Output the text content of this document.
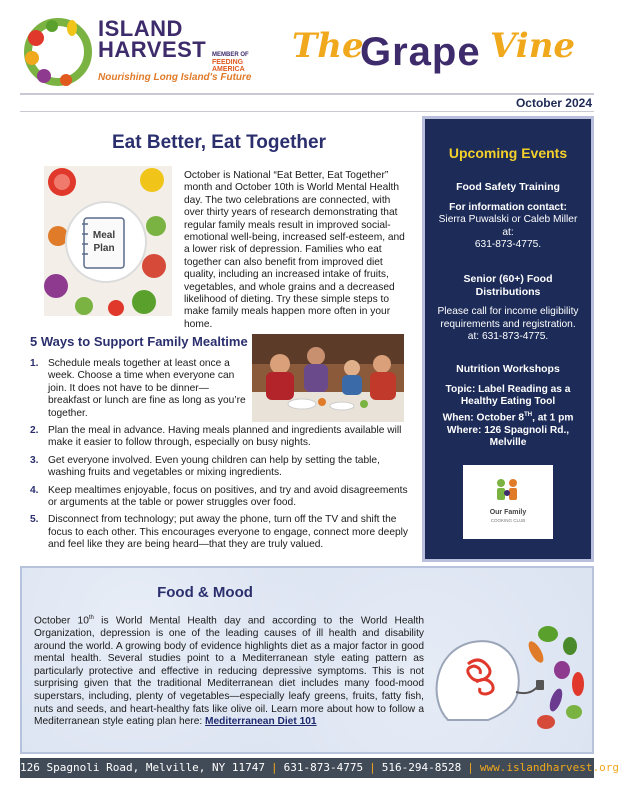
ISLAND
HARVEST MEMBER OF
FEEDING AMERICA
Nourishing Long Island's Future
The
Grape Vine
October 2024
Eat Better, Eat Together
Meal
Plan

October is National “Eat Better, Eat Together” month and October 10th is World Mental Health day. The two celebrations are connected, with over thirty years of research demonstrating that regular family meals result in improved social-emotional well-being, increased self-esteem, and a lower risk of depression. Families who eat together can also benefit from improved diet quality, including an increased intake of fruits, vegetables, and whole grains and a decreased likelihood of dieting. Try these simple steps to make family meals happen more often in your home.

5 Ways to Support Family Mealtime
1. Schedule meals together at least once a week. Choose a time when everyone can join. It does not have to be dinner—breakfast or lunch are fine as long as you’re together.
2. Plan the meal in advance. Having meals planned and ingredients available will make it easier to follow through, especially on busy nights.
3. Get everyone involved. Even young children can help by setting the table, washing fruits and vegetables or mixing ingredients.
4. Keep mealtimes enjoyable, focus on positives, and try and avoid disagreements or arguments at the table or power struggles over food.
5. Disconnect from technology; put away the phone, turn off the TV and shift the focus to each other. This encourages everyone to engage, connect more deeply and feel like they are being heard—that they are truly valued.
Upcoming Events
Food Safety Training
For information contact:
Sierra Puwalski or Caleb Miller
at:
631-873-4775.
Senior (60+) Food
Distributions
Please call for income eligibility requirements and registration.
at: 631-873-4775.
Nutrition Workshops
Topic: Label Reading as a Healthy Eating Tool
When: October 8TH, at 1 pm
Where: 126 Spagnoli Rd., Melville
Our Family
COOKING CLUB
Food & Mood

October 10th is World Mental Health day and according to the World Health Organization, depression is one of the leading causes of ill health and disability around the world. A growing body of evidence highlights diet as a major factor in good mental health. Several studies point to a Mediterranean style eating pattern as particularly protective and effective in reducing depressive symptoms. This is not surprising given that the traditional Mediterranean diet includes many food-mood superstars, including, plenty of vegetables—especially leafy greens, fruits, fatty fish, nuts and seeds, and heart-healthy fats like olive oil. Learn more about how to follow a Mediterranean style eating plan here: Mediterranean Diet 101

126 Spagnoli Road, Melville, NY 11747 | 631-873-4775 | 516-294-8528 | www.islandharvest.org
